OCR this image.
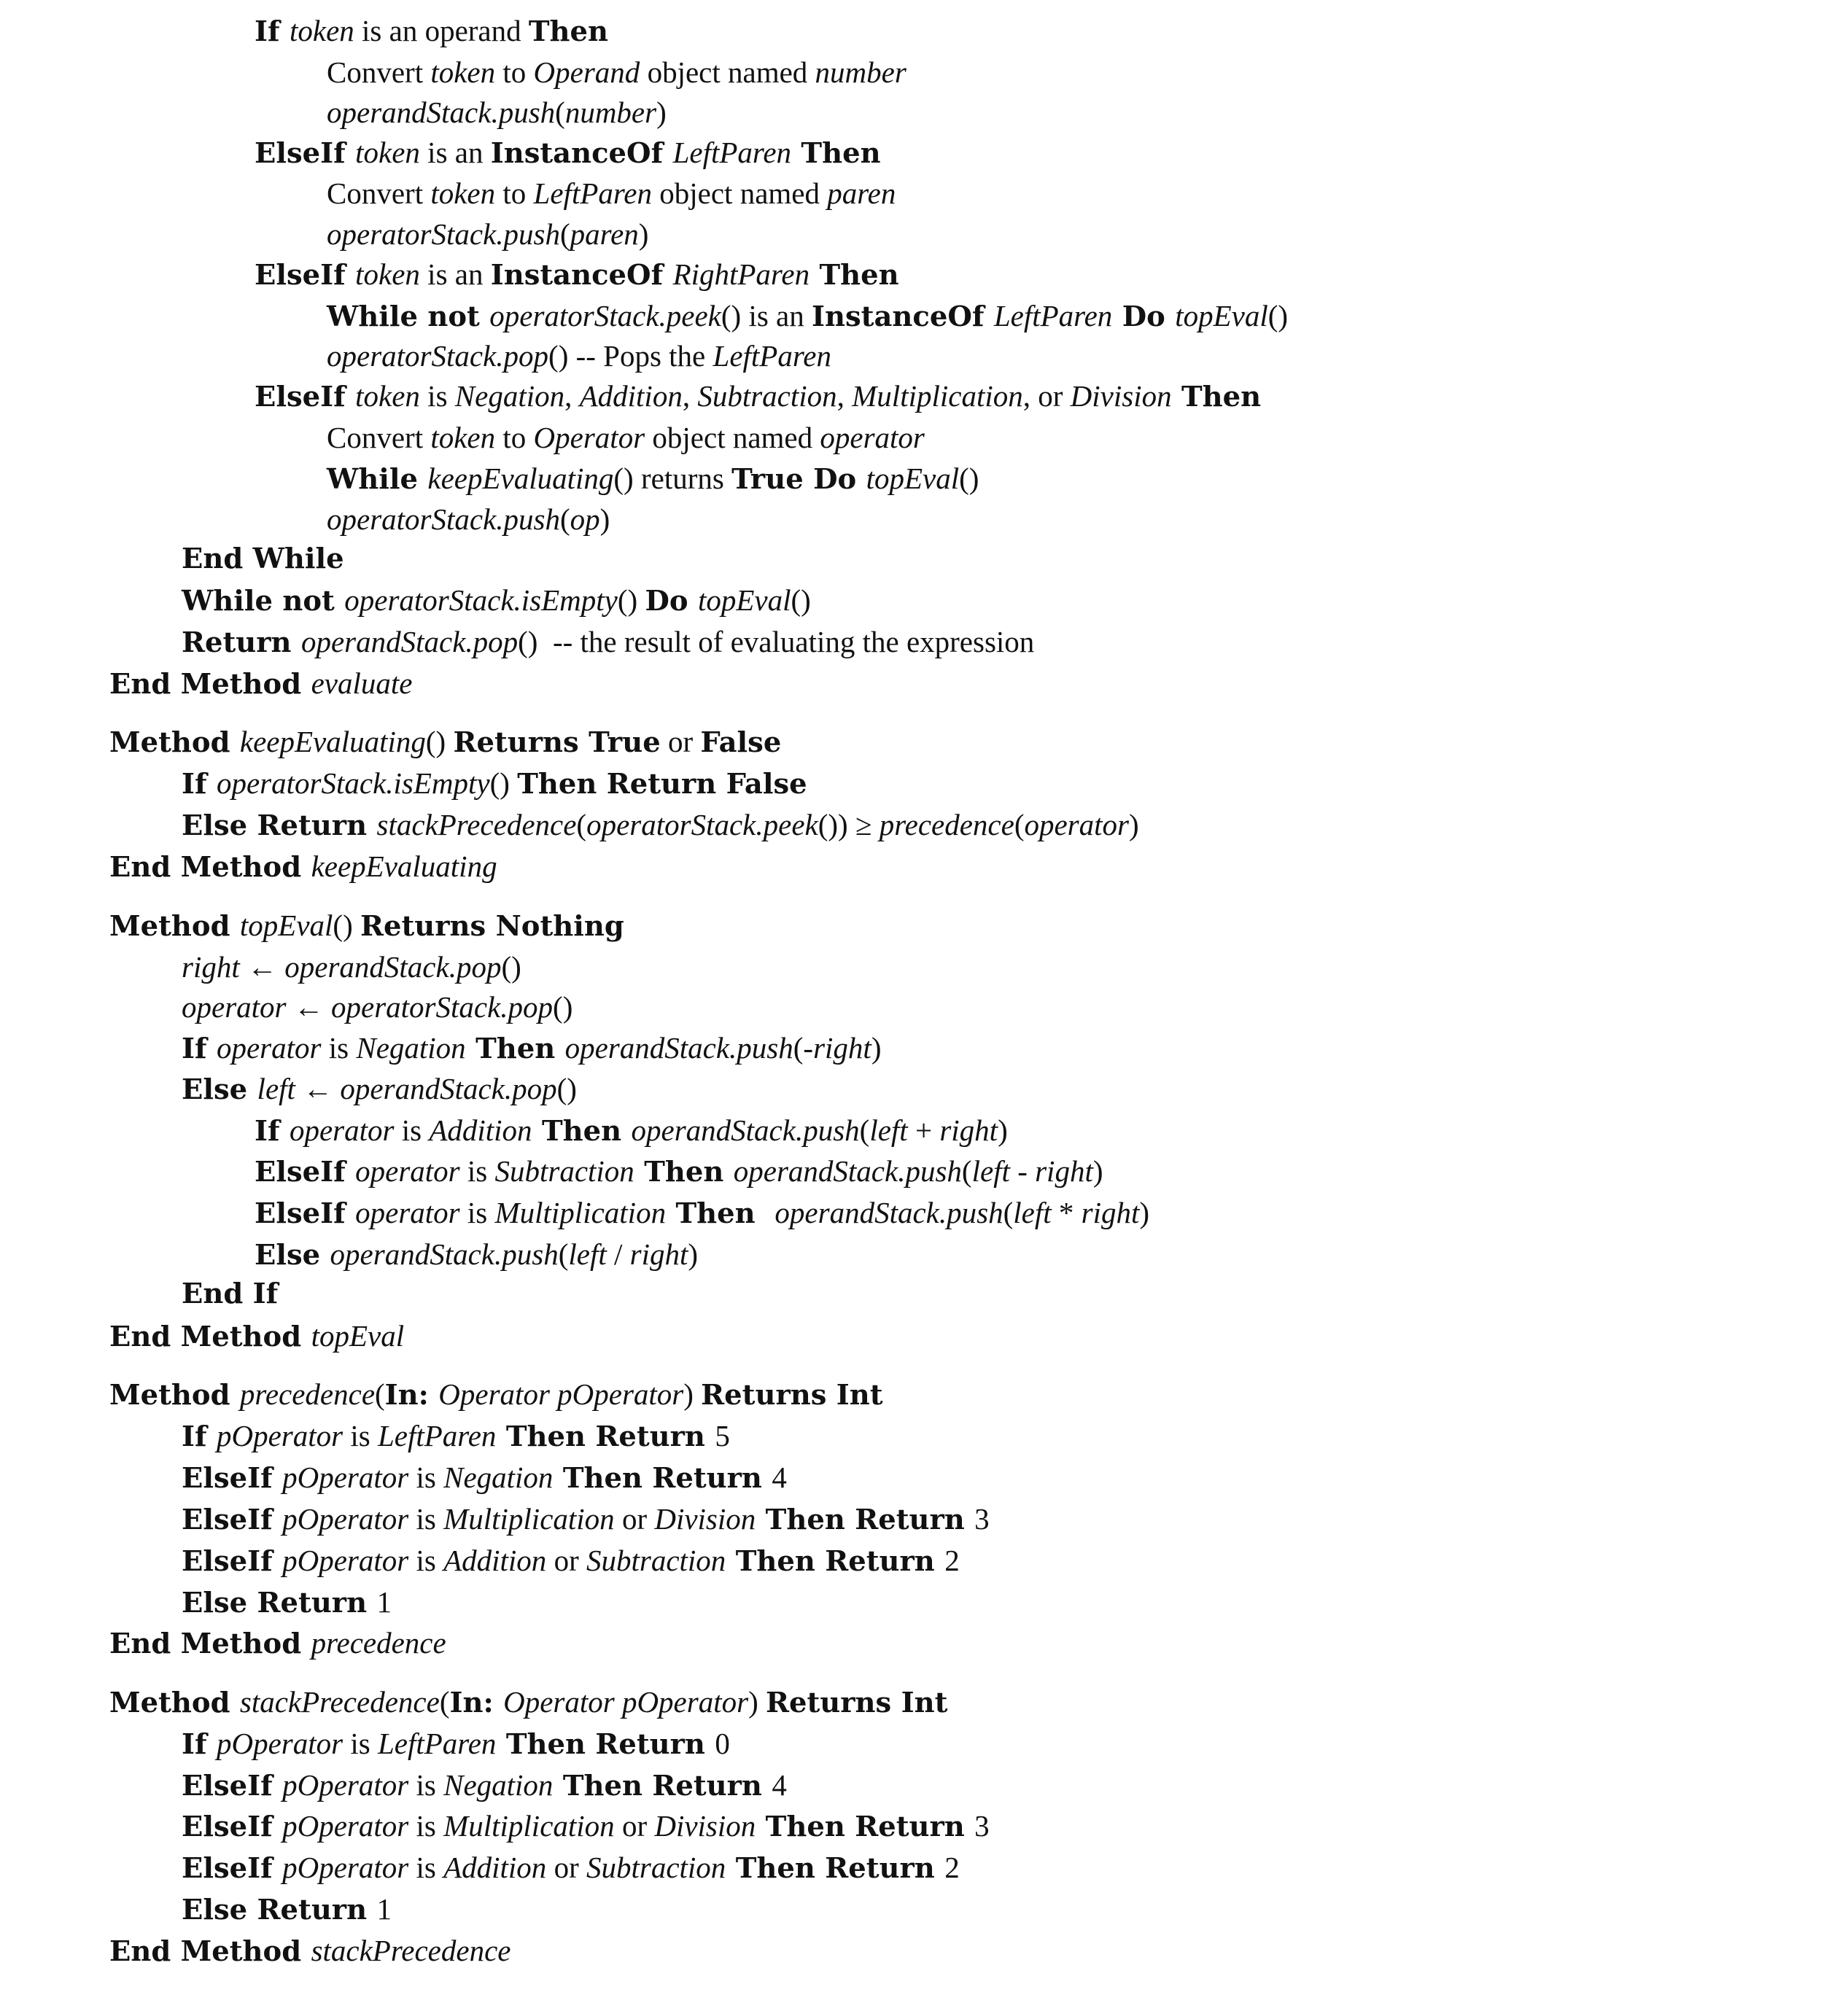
If token is an operand Then
Convert token to Operand object named number
operandStack.push(number)
ElseIf token is an InstanceOf LeftParen Then
Convert token to LeftParen object named paren
operatorStack.push(paren)
ElseIf token is an InstanceOf RightParen Then
While not operatorStack.peek() is an InstanceOf LeftParen Do topEval()
operatorStack.pop() -- Pops the LeftParen
ElseIf token is Negation, Addition, Subtraction, Multiplication, or Division Then
Convert token to Operator object named operator
While keepEvaluating() returns True Do topEval()
operatorStack.push(op)
End While
While not operatorStack.isEmpty() Do topEval()
Return operandStack.pop()  -- the result of evaluating the expression
End Method evaluate
Method keepEvaluating() Returns True or False
If operatorStack.isEmpty() Then Return False
Else Return stackPrecedence(operatorStack.peek()) ≥ precedence(operator)
End Method keepEvaluating
Method topEval() Returns Nothing
right ← operandStack.pop()
operator ← operatorStack.pop()
If operator is Negation Then operandStack.push(-right)
Else left ← operandStack.pop()
If operator is Addition Then operandStack.push(left + right)
ElseIf operator is Subtraction Then operandStack.push(left - right)
ElseIf operator is Multiplication Then  operandStack.push(left * right)
Else operandStack.push(left / right)
End If
End Method topEval
Method precedence(In: Operator pOperator) Returns Int
If pOperator is LeftParen Then Return 5
ElseIf pOperator is Negation Then Return 4
ElseIf pOperator is Multiplication or Division Then Return 3
ElseIf pOperator is Addition or Subtraction Then Return 2
Else Return 1
End Method precedence
Method stackPrecedence(In: Operator pOperator) Returns Int
If pOperator is LeftParen Then Return 0
ElseIf pOperator is Negation Then Return 4
ElseIf pOperator is Multiplication or Division Then Return 3
ElseIf pOperator is Addition or Subtraction Then Return 2
Else Return 1
End Method stackPrecedence
